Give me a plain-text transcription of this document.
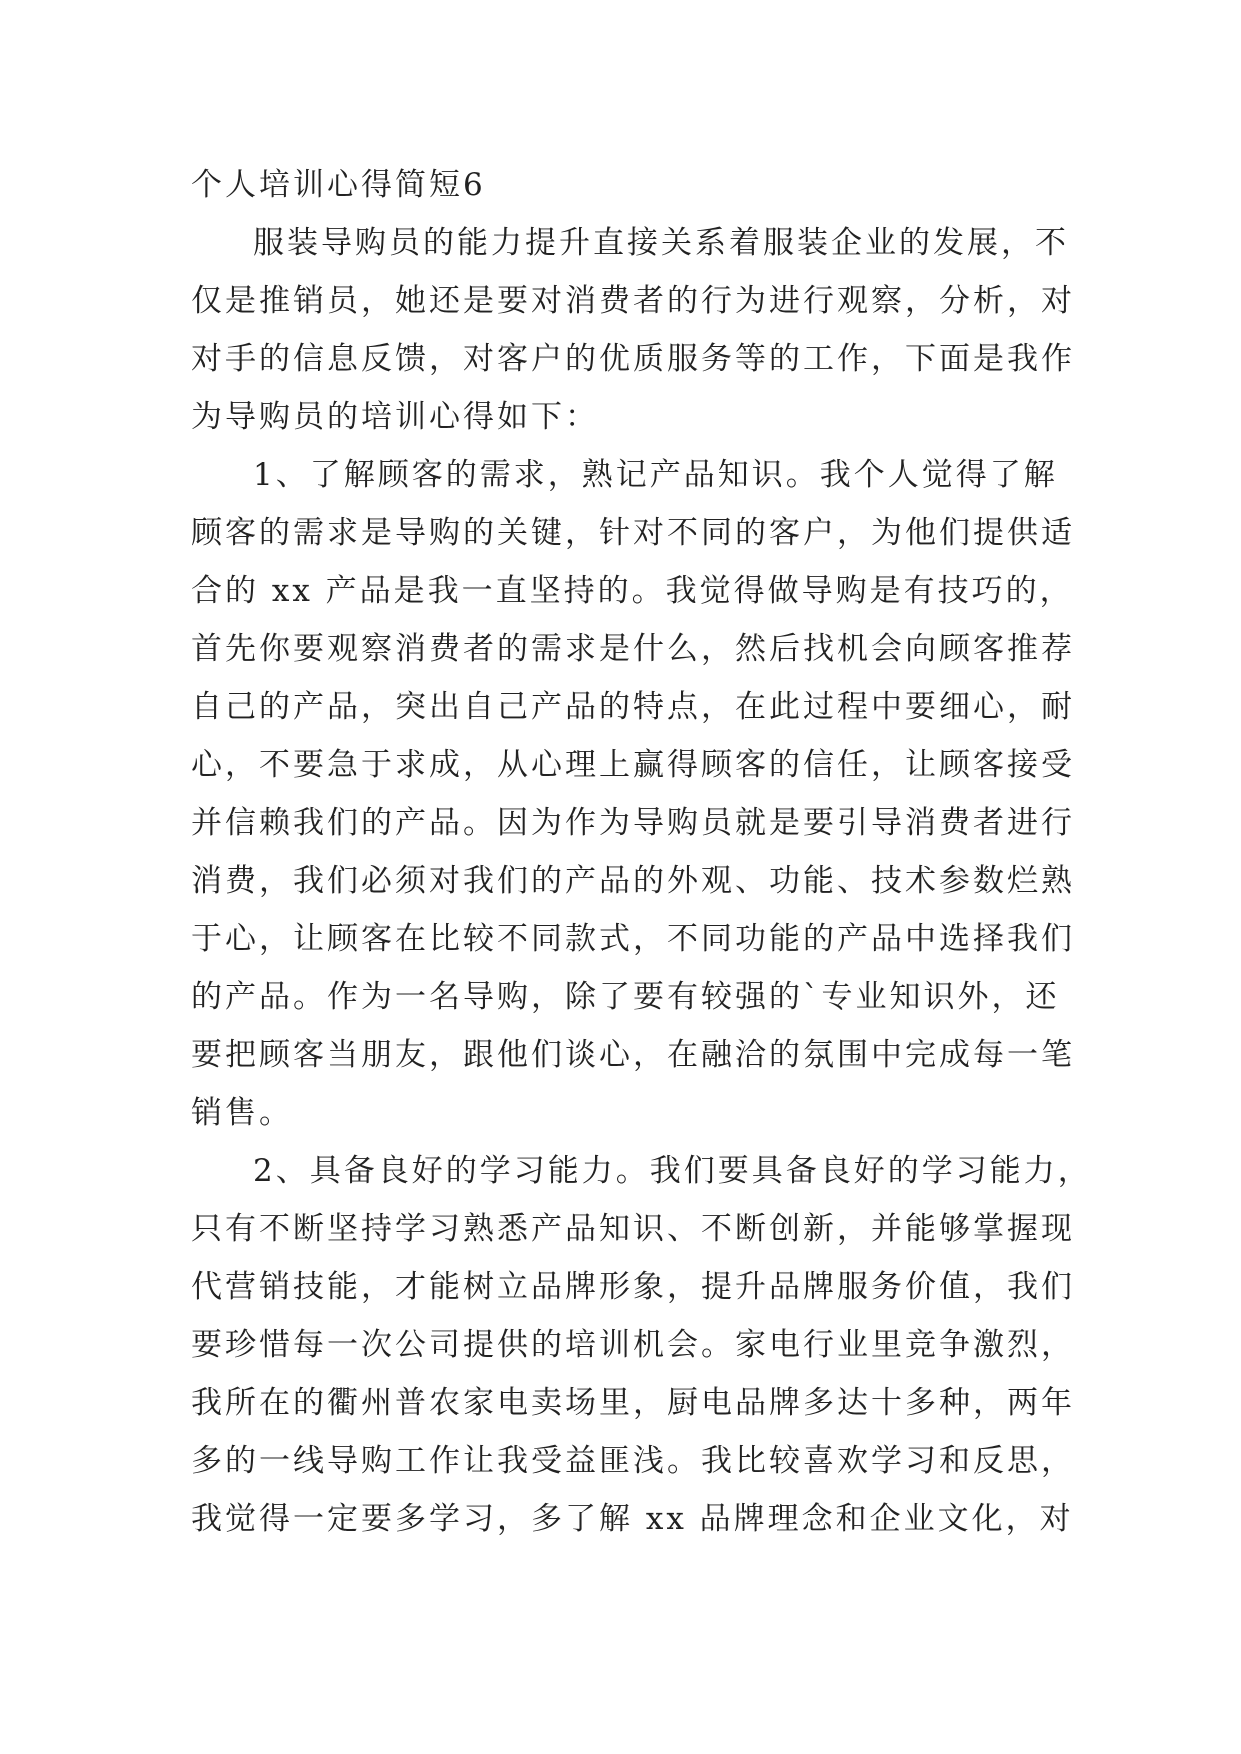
个人培训心得简短6

服装导购员的能力提升直接关系着服装企业的发展，不

仅是推销员，她还是要对消费者的行为进行观察，分析，对

对手的信息反馈，对客户的优质服务等的工作，下面是我作

为导购员的培训心得如下：

1、了解顾客的需求，熟记产品知识。我个人觉得了解

顾客的需求是导购的关键，针对不同的客户，为他们提供适

合的 xx 产品是我一直坚持的。我觉得做导购是有技巧的，

首先你要观察消费者的需求是什么，然后找机会向顾客推荐

自己的产品，突出自己产品的特点，在此过程中要细心，耐

心，不要急于求成，从心理上赢得顾客的信任，让顾客接受

并信赖我们的产品。因为作为导购员就是要引导消费者进行

消费，我们必须对我们的产品的外观、功能、技术参数烂熟

于心，让顾客在比较不同款式，不同功能的产品中选择我们

的产品。作为一名导购，除了要有较强的`专业知识外，还

要把顾客当朋友，跟他们谈心，在融洽的氛围中完成每一笔

销售。

2、具备良好的学习能力。我们要具备良好的学习能力，

只有不断坚持学习熟悉产品知识、不断创新，并能够掌握现

代营销技能，才能树立品牌形象，提升品牌服务价值，我们

要珍惜每一次公司提供的培训机会。家电行业里竞争激烈，

我所在的衢州普农家电卖场里，厨电品牌多达十多种，两年

多的一线导购工作让我受益匪浅。我比较喜欢学习和反思，

我觉得一定要多学习，多了解 xx 品牌理念和企业文化，对
